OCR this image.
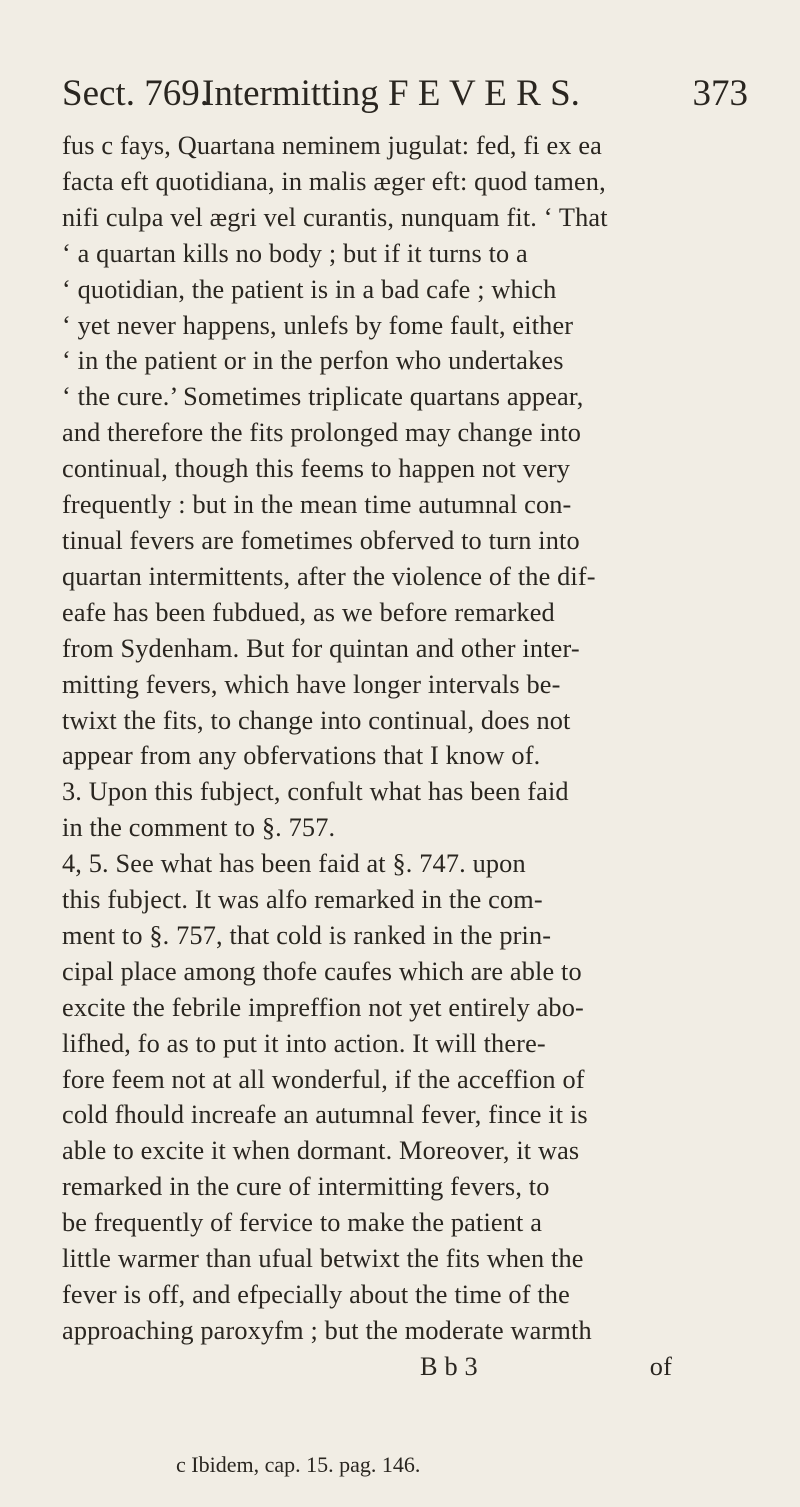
Sect. 769.
Intermitting F E V E R S.	373
fus c fays, Quartana neminem jugulat: fed, fi ex ea
facta eft quotidiana, in malis æger eft: quod tamen,
nifi culpa vel ægri vel curantis, nunquam fit. ‘ That
‘ a quartan kills no body ; but if it turns to a
‘ quotidian, the patient is in a bad cafe ; which
‘ yet never happens, unlefs by fome fault, either
‘ in the patient or in the perfon who undertakes
‘ the cure.’ Sometimes triplicate quartans appear,
and therefore the fits prolonged may change into
continual, though this feems to happen not very
frequently : but in the mean time autumnal con-
tinual fevers are fometimes obferved to turn into
quartan intermittents, after the violence of the dif-
eafe has been fubdued, as we before remarked
from Sydenham. But for quintan and other inter-
mitting fevers, which have longer intervals be-
twixt the fits, to change into continual, does not
appear from any obfervations that I know of.
3. Upon this fubject, confult what has been faid
in the comment to §. 757.
4, 5. See what has been faid at §. 747. upon
this fubject. It was alfo remarked in the com-
ment to §. 757, that cold is ranked in the prin-
cipal place among thofe caufes which are able to
excite the febrile impreffion not yet entirely abo-
lifhed, fo as to put it into action. It will there-
fore feem not at all wonderful, if the acceffion of
cold fhould increafe an autumnal fever, fince it is
able to excite it when dormant. Moreover, it was
remarked in the cure of intermitting fevers, to
be frequently of fervice to make the patient a
little warmer than ufual betwixt the fits when the
fever is off, and efpecially about the time of the
approaching paroxyfm ; but the moderate warmth
B b 3	of
c Ibidem, cap. 15. pag. 146.
